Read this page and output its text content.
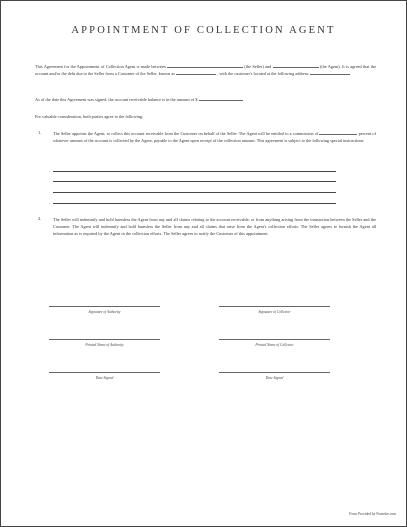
APPOINTMENT OF COLLECTION AGENT
This Agreement for the Appointment of Collection Agent is made between	(the Seller) and	(the Agent). It is agreed that the account and/or the debt due to the Seller from a Customer of the Seller, known as	, with the customer's located at the following address:
As of the date this Agreement was signed, the account receivable balance is in the amount of $
For valuable consideration, both parties agree to the following:
1.	The Seller appoints the Agent, to collect this account receivable from the Customer on behalf of the Seller. The Agent will be entitled to a commission of	percent of whatever amount of the account is collected by the Agent, payable to the Agent upon receipt of the collection amount. This agreement is subject to the following special instructions:
2.	The Seller will indemnify and hold harmless the Agent from any and all claims relating to the account receivable, or from anything arising from the transaction between the Seller and the Customer. The Agent will indemnify and hold harmless the Seller from any and all claims that arise from the Agent's collection efforts. The Seller agrees to furnish the Agent all information as is required by the Agent in the collection efforts. The Seller agrees to notify the Customer of this appointment.
Signature of Authority
Printed Name of Authority
Date Signed
Signature of Collector
Printed Name of Collector
Date Signed
Form Provided by Formsbe.com
